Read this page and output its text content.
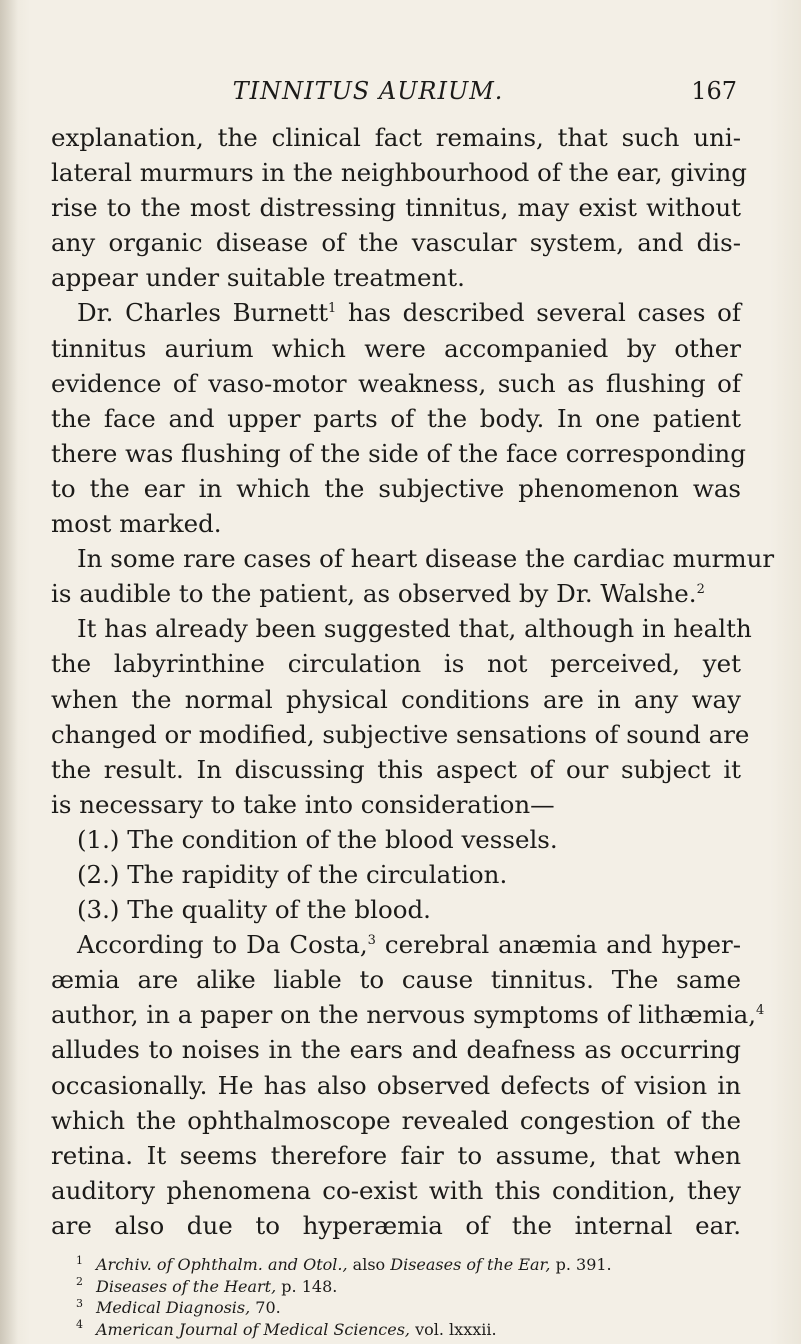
TINNITUS AURIUM.	167
explanation, the clinical fact remains, that such uni-
lateral murmurs in the neighbourhood of the ear, giving
rise to the most distressing tinnitus, may exist without
any organic disease of the vascular system, and dis-
appear under suitable treatment.
Dr. Charles Burnett$^1$ has described several cases of
tinnitus aurium which were accompanied by other
evidence of vaso-motor weakness, such as flushing of
the face and upper parts of the body. In one patient
there was flushing of the side of the face corresponding
to the ear in which the subjective phenomenon was
most marked.
In some rare cases of heart disease the cardiac murmur
is audible to the patient, as observed by Dr. Walshe.$^2$
It has already been suggested that, although in health
the labyrinthine circulation is not perceived, yet
when the normal physical conditions are in any way
changed or modified, subjective sensations of sound are
the result. In discussing this aspect of our subject it
is necessary to take into consideration—
(1.) The condition of the blood vessels.
(2.) The rapidity of the circulation.
(3.) The quality of the blood.
According to Da Costa,$^3$ cerebral anæmia and hyper-
æmia are alike liable to cause tinnitus. The same
author, in a paper on the nervous symptoms of lithæmia,$^4$
alludes to noises in the ears and deafness as occurring
occasionally. He has also observed defects of vision in
which the ophthalmoscope revealed congestion of the
retina. It seems therefore fair to assume, that when
auditory phenomena co-exist with this condition, they
are also due to hyperæmia of the internal ear.
1 Archiv. of Ophthalm. and Otol., also Diseases of the Ear, p. 391.
2 Diseases of the Heart, p. 148.
3 Medical Diagnosis, 70.
4 American Journal of Medical Sciences, vol. lxxxii.
